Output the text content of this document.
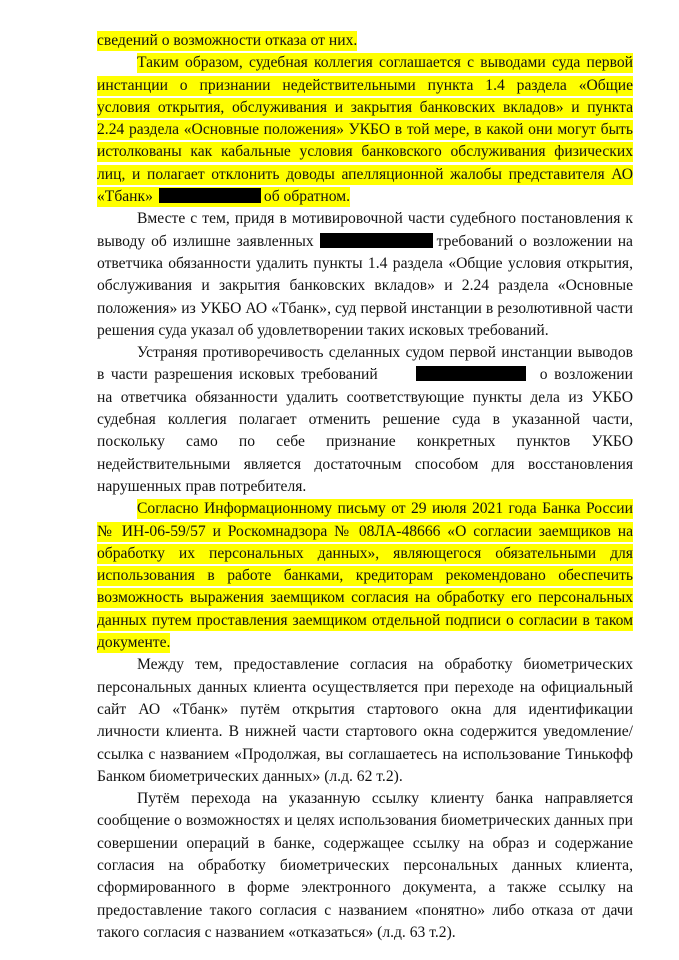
сведений о возможности отказа от них.

Таким образом, судебная коллегия соглашается с выводами суда первой инстанции о признании недействительными пункта 1.4 раздела «Общие условия открытия, обслуживания и закрытия банковских вкладов» и пункта 2.24 раздела «Основные положения» УКБО в той мере, в какой они могут быть истолкованы как кабальные условия банковского обслуживания физических лиц, и полагает отклонить доводы апелляционной жалобы представителя АО «Тбанк»	об обратном.

Вместе с тем, придя в мотивировочной части судебного постановления к выводу об излишне заявленных	требований о возложении на ответчика обязанности удалить пункты 1.4 раздела «Общие условия открытия, обслуживания и закрытия банковских вкладов» и 2.24 раздела «Основные положения» из УКБО АО «Тбанк», суд первой инстанции в резолютивной части решения суда указал об удовлетворении таких исковых требований.

Устраняя противоречивость сделанных судом первой инстанции выводов в части разрешения исковых требований	о возложении на ответчика обязанности удалить соответствующие пункты дела из УКБО судебная коллегия полагает отменить решение суда в указанной части, поскольку само по себе признание конкретных пунктов УКБО недействительными является достаточным способом для восстановления нарушенных прав потребителя.

Согласно Информационному письму от 29 июля 2021 года Банка России № ИН-06-59/57 и Роскомнадзора № 08ЛА-48666 «О согласии заемщиков на обработку их персональных данных», являющегося обязательными для использования в работе банками, кредиторам рекомендовано обеспечить возможность выражения заемщиком согласия на обработку его персональных данных путем проставления заемщиком отдельной подписи о согласии в таком документе.

Между тем, предоставление согласия на обработку биометрических персональных данных клиента осуществляется при переходе на официальный сайт АО «Тбанк» путём открытия стартового окна для идентификации личности клиента. В нижней части стартового окна содержится уведомление/ссылка с названием «Продолжая, вы соглашаетесь на использование Тинькофф Банком биометрических данных» (л.д. 62 т.2).

Путём перехода на указанную ссылку клиенту банка направляется сообщение о возможностях и целях использования биометрических данных при совершении операций в банке, содержащее ссылку на образ и содержание согласия на обработку биометрических персональных данных клиента, сформированного в форме электронного документа, а также ссылку на предоставление такого согласия с названием «понятно» либо отказа от дачи такого согласия с названием «отказаться» (л.д. 63 т.2).
